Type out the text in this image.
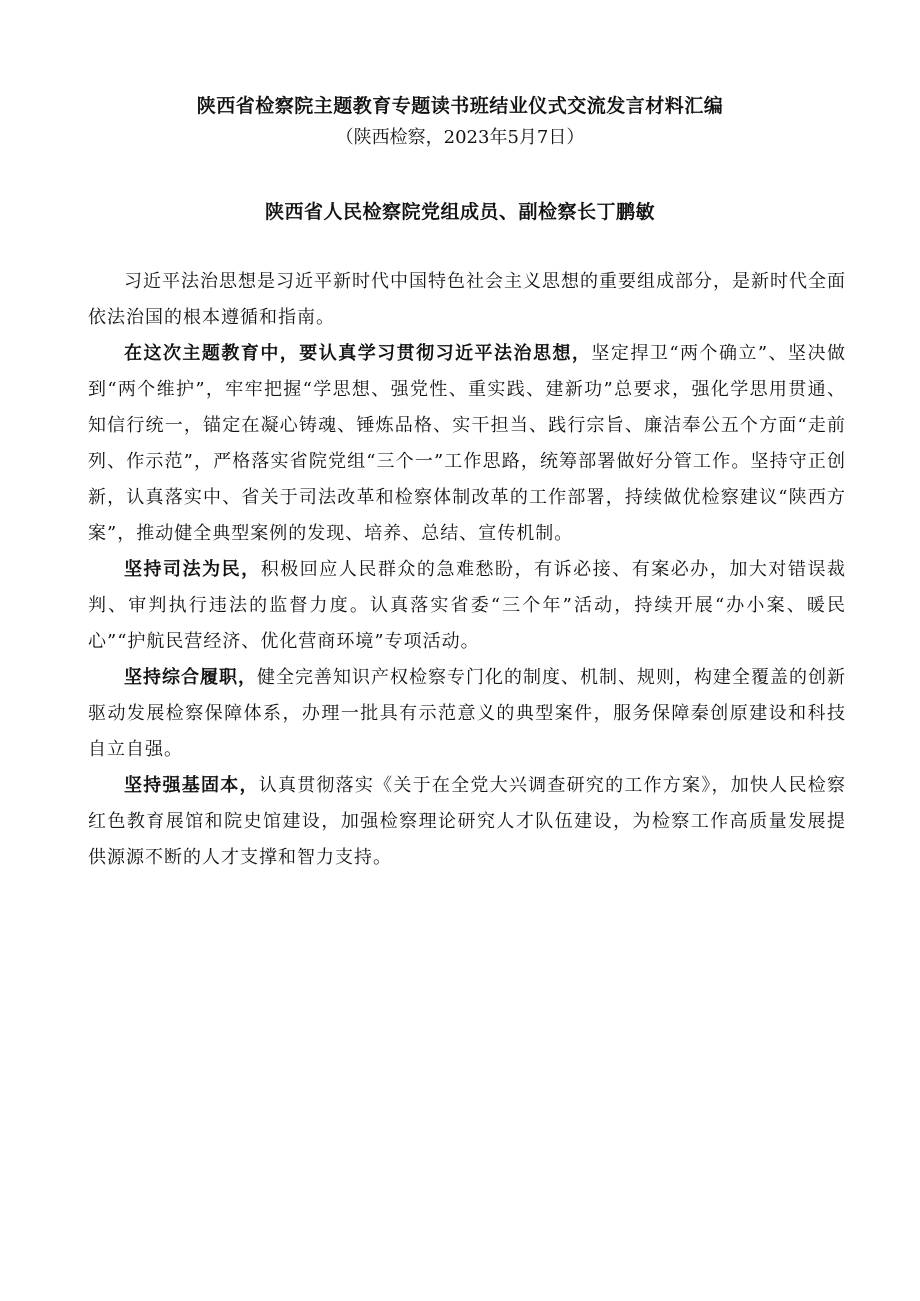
陕西省检察院主题教育专题读书班结业仪式交流发言材料汇编
（陕西检察，2023年5月7日）
陕西省人民检察院党组成员、副检察长丁鹏敏

习近平法治思想是习近平新时代中国特色社会主义思想的重要组成部分，是新时代全面依法治国的根本遵循和指南。

在这次主题教育中，要认真学习贯彻习近平法治思想，坚定捍卫“两个确立”、坚决做到“两个维护”，牢牢把握“学思想、强党性、重实践、建新功”总要求，强化学思用贯通、知信行统一，锚定在凝心铸魂、锤炼品格、实干担当、践行宗旨、廉洁奉公五个方面“走前列、作示范”，严格落实省院党组“三个一”工作思路，统筹部署做好分管工作。坚持守正创新，认真落实中、省关于司法改革和检察体制改革的工作部署，持续做优检察建议“陕西方案”，推动健全典型案例的发现、培养、总结、宣传机制。

坚持司法为民，积极回应人民群众的急难愁盼，有诉必接、有案必办，加大对错误裁判、审判执行违法的监督力度。认真落实省委“三个年”活动，持续开展“办小案、暖民心”“护航民营经济、优化营商环境”专项活动。

坚持综合履职，健全完善知识产权检察专门化的制度、机制、规则，构建全覆盖的创新驱动发展检察保障体系，办理一批具有示范意义的典型案件，服务保障秦创原建设和科技自立自强。

坚持强基固本，认真贯彻落实《关于在全党大兴调查研究的工作方案》，加快人民检察红色教育展馆和院史馆建设，加强检察理论研究人才队伍建设，为检察工作高质量发展提供源源不断的人才支撑和智力支持。
